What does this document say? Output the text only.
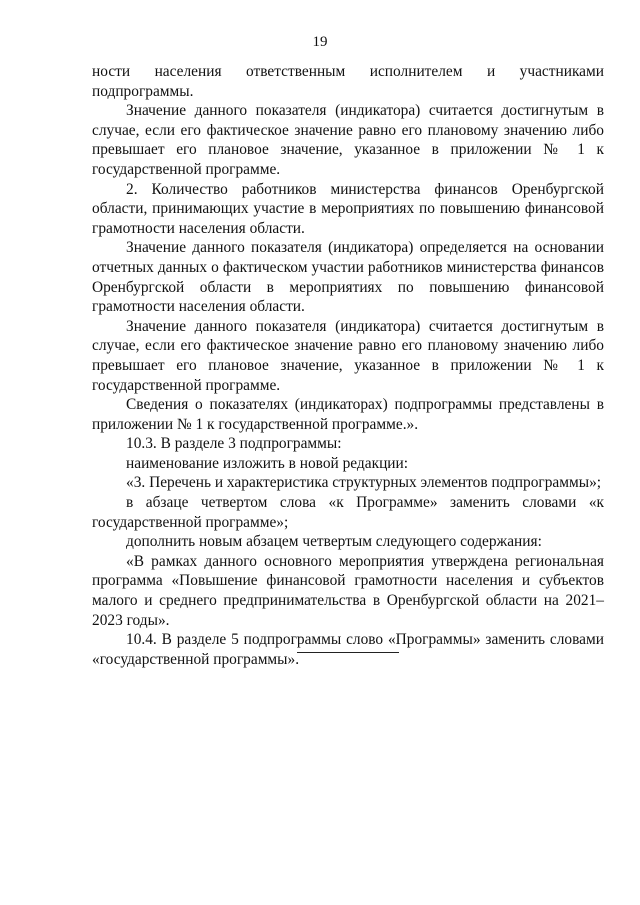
19

ности населения ответственным исполнителем и участниками подпрограммы.

Значение данного показателя (индикатора) считается достигнутым в случае, если его фактическое значение равно его плановому значению либо превышает его плановое значение, указанное в приложении № 1 к государственной программе.

2. Количество работников министерства финансов Оренбургской области, принимающих участие в мероприятиях по повышению финансовой грамотности населения области.

Значение данного показателя (индикатора) определяется на основании отчетных данных о фактическом участии работников министерства финансов Оренбургской области в мероприятиях по повышению финансовой грамотности населения области.

Значение данного показателя (индикатора) считается достигнутым в случае, если его фактическое значение равно его плановому значению либо превышает его плановое значение, указанное в приложении № 1 к государственной программе.

Сведения о показателях (индикаторах) подпрограммы представлены в приложении № 1 к государственной программе.».

10.3. В разделе 3 подпрограммы:

наименование изложить в новой редакции:

«3. Перечень и характеристика структурных элементов подпрограммы»;

в абзаце четвертом слова «к Программе» заменить словами «к государственной программе»;

дополнить новым абзацем четвертым следующего содержания:

«В рамках данного основного мероприятия утверждена региональная программа «Повышение финансовой грамотности населения и субъектов малого и среднего предпринимательства в Оренбургской области на 2021–2023 годы».

10.4. В разделе 5 подпрограммы слово «Программы» заменить словами «государственной программы».
